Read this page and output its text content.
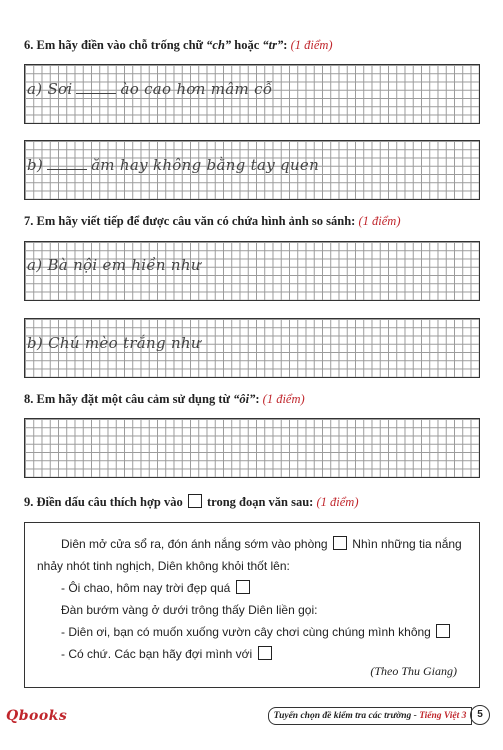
6. Em hãy điền vào chỗ trống chữ “ch” hoặc “tr”: (1 điểm)
a) Sơi	ào cao hơn mâm cỗ
b)	ăm hay không bằng tay quen
7. Em hãy viết tiếp để được câu văn có chứa hình ảnh so sánh: (1 điểm)
a) Bà nội em hiền như
b) Chú mèo trắng như
8. Em hãy đặt một câu cảm sử dụng từ “ôi”: (1 điểm)
9. Điền dấu câu thích hợp vào  trong đoạn văn sau: (1 điểm)
Diên mở cửa sổ ra, đón ánh nắng sớm vào phòng  Nhìn những tia nắng nhảy nhót tinh nghịch, Diên không khỏi thốt lên:
- Ôi chao, hôm nay trời đẹp quá
Đàn bướm vàng ở dưới trông thấy Diên liền gọi:
- Diên ơi, bạn có muốn xuống vườn cây chơi cùng chúng mình không
- Có chứ. Các bạn hãy đợi mình với
(Theo Thu Giang)
Qbooks	Tuyển chọn đề kiểm tra các trường - Tiếng Việt 3	5
